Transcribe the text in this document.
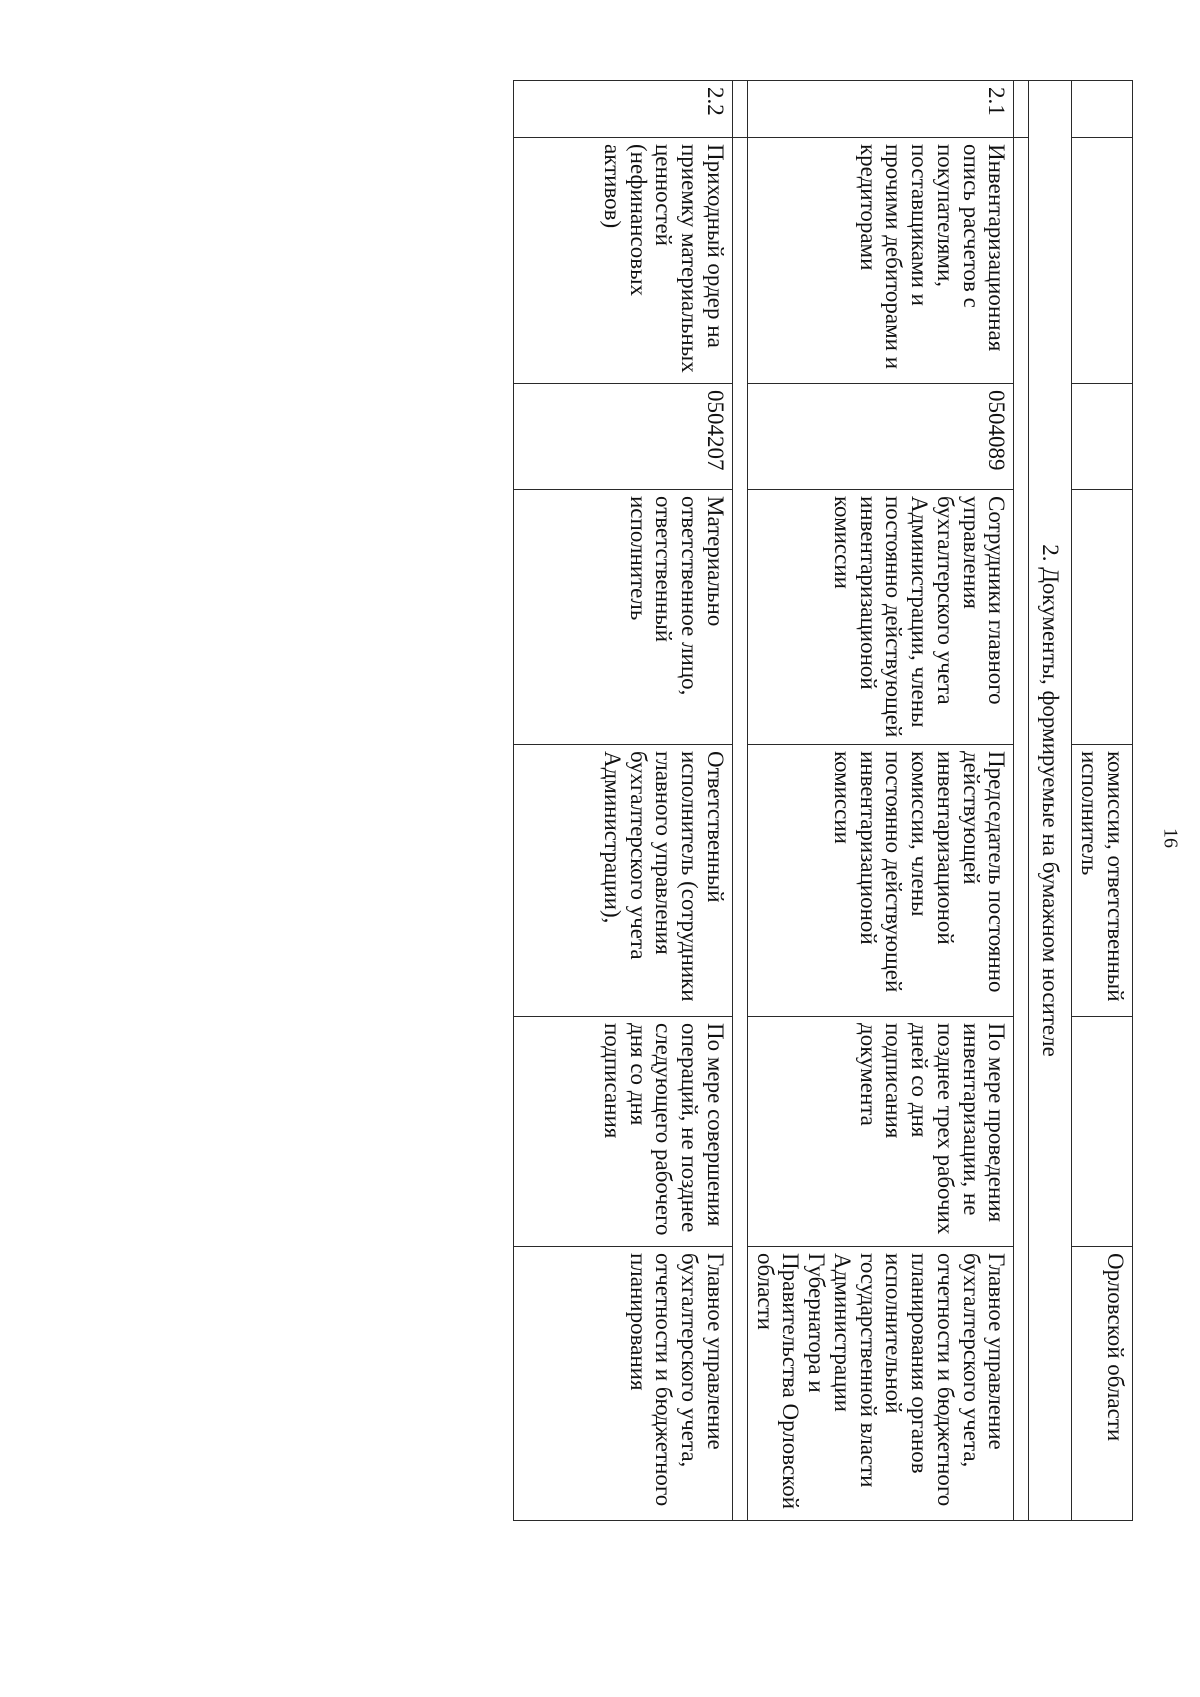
16
				комиссии, ответственный исполнитель		Орловской области
2. Документы, формируемые на бумажном носителе						

2.1	Инвентаризационная опись расчетов с покупателями, поставщиками и прочими дебиторами и кредиторами	0504089	Сотрудники главного управления бухгалтерского учета Администрации, члены постоянно действующей инвентаризационой комиссии	Председатель постоянно действующей инвентаризационой комиссии, члены постоянно действующей инвентаризационой комиссии	По мере проведения инвентаризации, не позднее трех рабочих дней со дня подписания документа	Главное управление бухгалтерского учета, отчетности и бюджетного планирования органов исполнительной государственной власти Администрации Губернатора и Правительства Орловской области

2.2	Приходный ордер на приемку материальных ценностей (нефинансовых активов)	0504207	Материально ответственное лицо, ответственный исполнитель	Ответственный исполнитель (сотрудники главного управления бухгалтерского учета Администрации),	По мере совершения операций, не позднее следующего рабочего дня со дня подписания	Главное управление бухгалтерского учета, отчетности и бюджетного планирования
